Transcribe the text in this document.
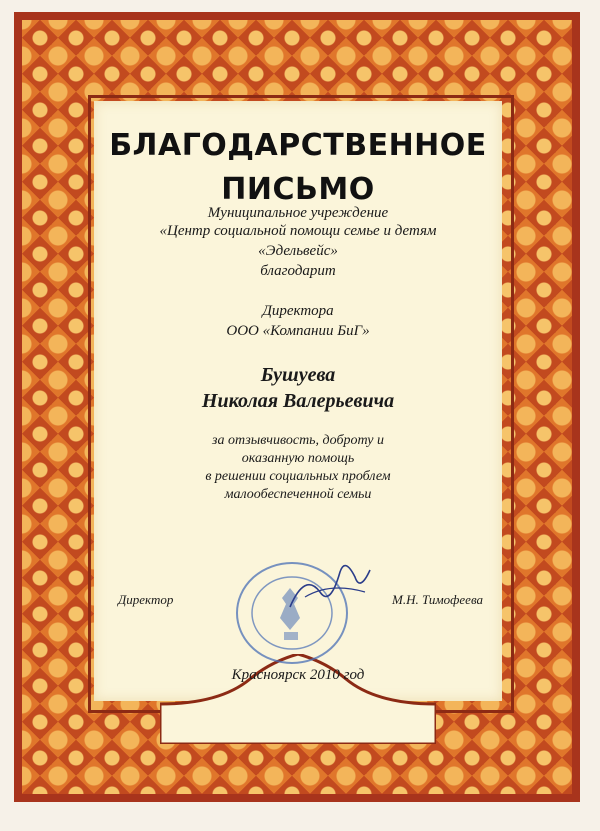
БЛАГОДАРСТВЕННОЕ
ПИСЬМО
Муниципальное учреждение
«Центр социальной помощи семье и детям
«Эдельвейс»
благодарит
Директора
ООО «Компании БиГ»
Бушуева
Николая Валерьевича
за отзывчивость, доброту и
оказанную помощь
в решении социальных проблем
малообеспеченной семьи
Директор	М.Н. Тимофеева
Красноярск 2010 год
